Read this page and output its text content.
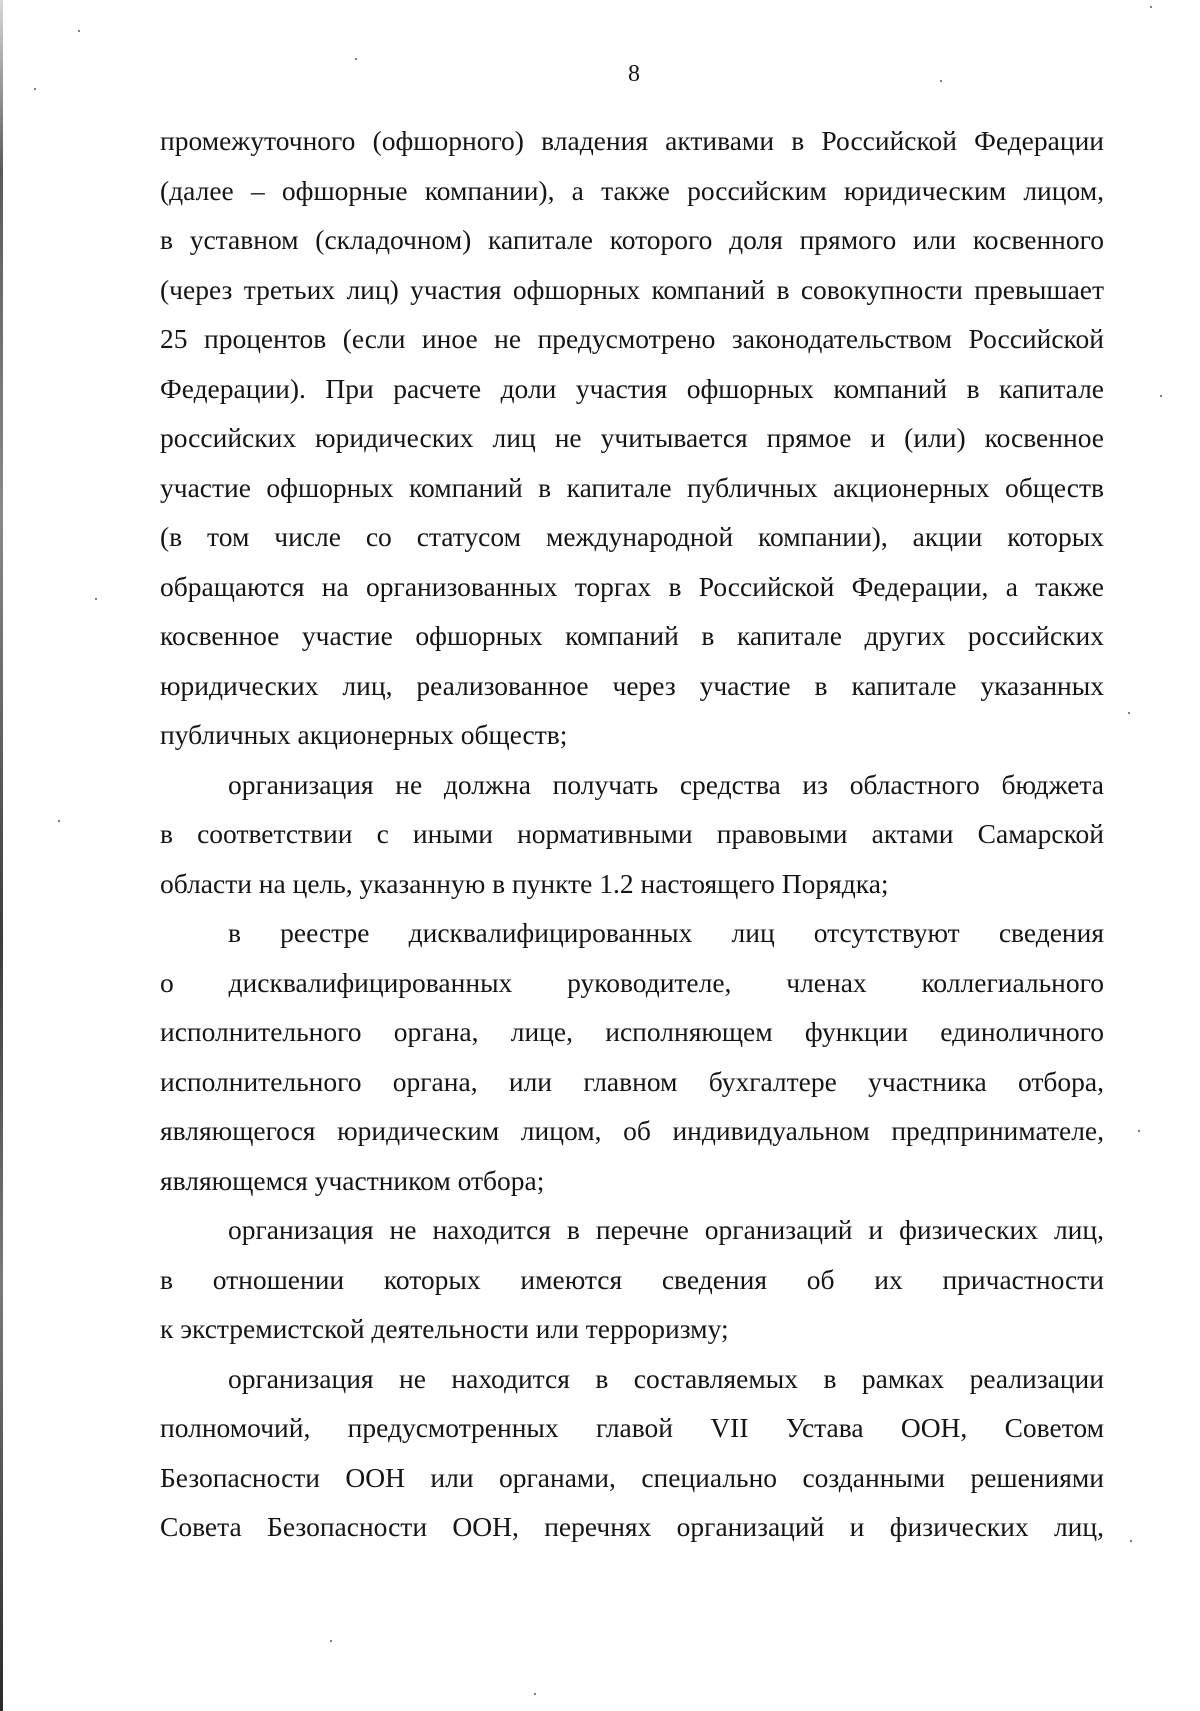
8
промежуточного (офшорного) владения активами в Российской Федерации
(далее – офшорные компании), а также российским юридическим лицом,
в уставном (складочном) капитале которого доля прямого или косвенного
(через третьих лиц) участия офшорных компаний в совокупности превышает
25 процентов (если иное не предусмотрено законодательством Российской
Федерации). При расчете доли участия офшорных компаний в капитале
российских юридических лиц не учитывается прямое и (или) косвенное
участие офшорных компаний в капитале публичных акционерных обществ
(в том числе со статусом международной компании), акции которых
обращаются на организованных торгах в Российской Федерации, а также
косвенное участие офшорных компаний в капитале других российских
юридических лиц, реализованное через участие в капитале указанных
публичных акционерных обществ;
организация не должна получать средства из областного бюджета
в соответствии с иными нормативными правовыми актами Самарской
области на цель, указанную в пункте 1.2 настоящего Порядка;
в реестре дисквалифицированных лиц отсутствуют сведения
о дисквалифицированных руководителе, членах коллегиального
исполнительного органа, лице, исполняющем функции единоличного
исполнительного органа, или главном бухгалтере участника отбора,
являющегося юридическим лицом, об индивидуальном предпринимателе,
являющемся участником отбора;
организация не находится в перечне организаций и физических лиц,
в отношении которых имеются сведения об их причастности
к экстремистской деятельности или терроризму;
организация не находится в составляемых в рамках реализации
полномочий, предусмотренных главой VII Устава ООН, Советом
Безопасности ООН или органами, специально созданными решениями
Совета Безопасности ООН, перечнях организаций и физических лиц,
